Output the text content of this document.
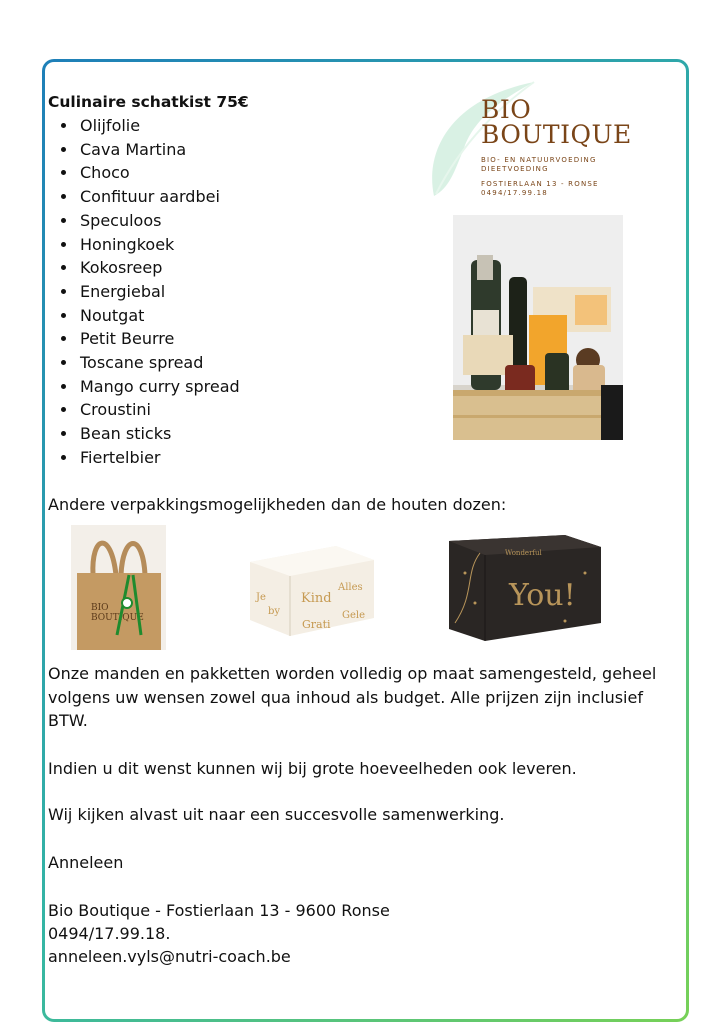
Culinaire schatkist 75€
• Olijfolie
• Cava Martina
• Choco
• Confituur aardbei
• Speculoos
• Honingkoek
• Kokosreep
• Energiebal
• Noutgat
• Petit Beurre
• Toscane spread
• Mango curry spread
• Croustini
• Bean sticks
• Fiertelbier
BIO
BOUTIQUE
BIO- EN NATUURVOEDING
DIEETVOEDING
FOSTIERLAAN 13 - RONSE
0494/17.99.18
Andere verpakkingsmogelijkheden dan de houten dozen:
BIO
BOUTIQUE
Je
by
Kind
Grati
Alles
Gele
Wonderful
You!
Onze manden en pakketten worden volledig op maat samengesteld, geheel volgens uw wensen zowel qua inhoud als budget. Alle prijzen zijn inclusief BTW.
Indien u dit wenst kunnen wij bij grote hoeveelheden ook leveren.
Wij kijken alvast uit naar een succesvolle samenwerking.
Anneleen
Bio Boutique - Fostierlaan 13 - 9600 Ronse
0494/17.99.18.
anneleen.vyls@nutri-coach.be
